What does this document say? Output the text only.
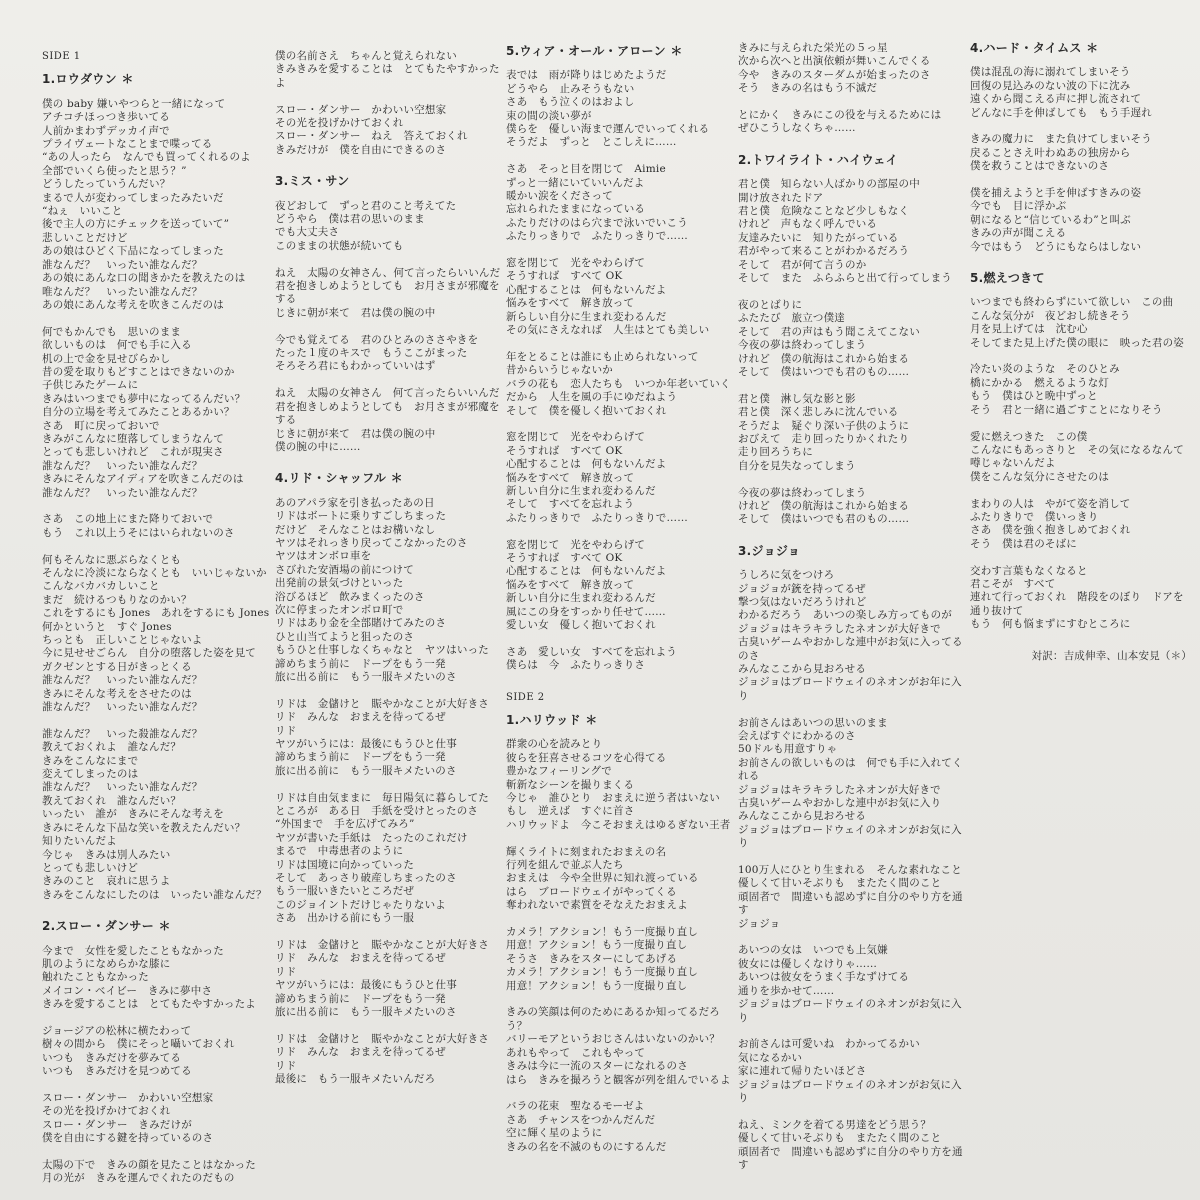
SIDE 1
1.ロウダウン ＊
僕の baby 嫌いやつらと一緒になって
アチコチほっつき歩いてる
人前かまわずデッカイ声で
プライヴェートなことまで喋ってる
“あの人ったら　なんでも買ってくれるのよ
全部でいくら使ったと思う？”
どうしたっていうんだい？
まるで人が変わってしまったみたいだ
“ねぇ　いいこと
後で主人の方にチェックを送っていて”
悲しいことだけど
あの娘はひどく下品になってしまった
誰なんだ？　いったい誰なんだ？
あの娘にあんな口の聞きかたを教えたのは
唯なんだ？　いったい誰なんだ？
あの娘にあんな考えを吹きこんだのは
何でもかんでも　思いのまま
欲しいものは　何でも手に入る
机の上で金を見せびらかし
昔の愛を取りもどすことはできないのか
子供じみたゲームに
きみはいつまでも夢中になってるんだい？
自分の立場を考えてみたことあるかい？
さあ　町に戻っておいで
きみがこんなに堕落してしまうなんて
とっても悲しいけれど　これが現実さ
誰なんだ？　いったい誰なんだ？
きみにそんなアイディアを吹きこんだのは
誰なんだ？　いったい誰なんだ？
さあ　この地上にまた降りておいで
もう　これ以上うそにはいられないのさ
何もそんなに悪ぶらなくとも
そんなに冷淡にならなくとも　いいじゃないか
こんなバカバカしいこと
まだ　続けるつもりなのかい？
これをするにも Jones　あれをするにも Jones
何かというと　すぐ Jones
ちっとも　正しいことじゃないよ
今に見せせごらん　自分の堕落した姿を見て
ガクゼンとする日がきっとくる
誰なんだ？　いったい誰なんだ？
きみにそんな考えをさせたのは
誰なんだ？　いったい誰なんだ？
誰なんだ？　いった殺誰なんだ？
教えておくれよ　誰なんだ？
きみをこんなにまで
変えてしまったのは
誰なんだ？　いったい誰なんだ？
教えておくれ　誰なんだい？
いったい　誰が　きみにそんな考えを
きみにそんな下品な笑いを教えたんだい？
知りたいんだよ
今じゃ　きみは別人みたい
とっても悲しいけど
きみのこと　哀れに思うよ
きみをこんなにしたのは　いったい誰なんだ？
2.スロー・ダンサー ＊
今まで　女性を愛したこともなかった
肌のようになめらかな膝に
触れたこともなかった
メイコン・ベイビー　きみに夢中さ
きみを愛することは　とてもたやすかったよ
ジョージアの松林に横たわって
樹々の間から　僕にそっと囁いておくれ
いつも　きみだけを夢みてる
いつも　きみだけを見つめてる
スロー・ダンサー　かわいい空想家
その光を投げかけておくれ
スロー・ダンサー　きみだけが
僕を自由にする鍵を持っているのさ
太陽の下で　きみの顔を見たことはなかった
月の光が　きみを運んでくれたのだもの
僕の名前さえ　ちゃんと覚えられない
きみきみを愛することは　とてもたやすかったよ
スロー・ダンサー　かわいい空想家
その光を投げかけておくれ
スロー・ダンサー　ねえ　答えておくれ
きみだけが　僕を自由にできるのさ
3.ミス・サン
夜どおして　ずっと君のこと考えてた
どうやら　僕は君の思いのまま
でも大丈夫さ
このままの状態が続いても
ねえ　太陽の女神さん、何て言ったらいいんだ
君を抱きしめようとしても　お月さまが邪魔をする
じきに朝が来て　君は僕の腕の中
今でも覚えてる　君のひとみのささやきを
たった１度のキスで　もうここがまった
そろそろ君にもわかっていいはず
ねえ　太陽の女神さん　何て言ったらいいんだ
君を抱きしめようとしても　お月さまが邪魔をする
じきに朝が来て　君は僕の腕の中
僕の腕の中に……
4.リド・シャッフル ＊
あのアパラ家を引き払ったあの日
リドはボートに乗りすごしちまった
だけど　そんなことはお構いなし
ヤツはそれっきり戻ってこなかったのさ
ヤツはオンボロ車を
さびれた安酒場の前につけて
出発前の景気づけといった
浴びるほど　飲みまくったのさ
次に停まったオンボロ町で
リドはあり金を全部賭けてみたのさ
ひと山当てようと狙ったのさ
もうひと仕事しなくちゃなと　ヤツはいった
諦めちまう前に　ドープをもう一発
旅に出る前に　もう一服キメたいのさ
リドは　金儲けと　賑やかなことが大好きさ
リド　みんな　おまえを待ってるぜ
リド
ヤツがいうには：最後にもうひと仕事
諦めちまう前に　ドープをもう一発
旅に出る前に　もう一服キメたいのさ
リドは自由気ままに　毎日陽気に暮らしてた
ところが　ある日　手紙を受けとったのさ
“外国まで　手を広げてみろ”
ヤツが書いた手紙は　たったのこれだけ
まるで　中毒患者のように
リドは国境に向かっていった
そして　あっさり破産しちまったのさ
もう一服いきたいところだぜ
このジョイントだけじゃたりないよ
さあ　出かける前にもう一服
リドは　金儲けと　賑やかなことが大好きさ
リド　みんな　おまえを待ってるぜ
リド
ヤツがいうには：最後にもうひと仕事
諦めちまう前に　ドープをもう一発
旅に出る前に　もう一服キメたいのさ
リドは　金儲けと　賑やかなことが大好きさ
リド　みんな　おまえを待ってるぜ
リド
最後に　もう一服キメたいんだろ
5.ウィア・オール・アローン ＊
表では　雨が降りはじめたようだ
どうやら　止みそうもない
さあ　もう泣くのはおよし
束の間の淡い夢が
僕らを　優しい海まで運んでいってくれる
そうだよ　ずっと　とこしえに……
さあ　そっと目を閉じて　Aimie
ずっと一緒にいていいんだよ
暖かい涙をくださって
忘れられたままになっている
ふたりだけのはら穴まで泳いでいこう
ふたりっきりで　ふたりっきりで……
窓を閉じて　光をやわらげて
そうすれば　すべて OK
心配することは　何もないんだよ
悩みをすべて　解き放って
新らしい自分に生まれ変わるんだ
その気にさえなれば　人生はとても美しい
年をとることは誰にも止められないって
昔からいうじゃないか
バラの花も　恋人たちも　いつか年老いていく
だから　人生を風の手にゆだねよう
そして　僕を優しく抱いておくれ
窓を閉じて　光をやわらげて
そうすれば　すべて OK
心配することは　何もないんだよ
悩みをすべて　解き放って
新しい自分に生まれ変わるんだ
そして　すべてを忘れよう
ふたりっきりで　ふたりっきりで……
窓を閉じて　光をやわらげて
そうすれば　すべて OK
心配することは　何もないんだよ
悩みをすべて　解き放って
新しい自分に生まれ変わるんだ
風にこの身をすっかり任せて……
愛しい女　優しく抱いておくれ
さあ　愛しい女　すべてを忘れよう
僕らは　今　ふたりっきりさ
SIDE 2
1.ハリウッド ＊
群衆の心を読みとり
彼らを狂喜させるコツを心得てる
豊かなフィーリングで
斬新なシーンを撮りまくる
今じゃ　誰ひとり　おまえに逆う者はいない
もし　逆えば　すぐに首さ
ハリウッドよ　今こそおまえはゆるぎない王者
輝くライトに刻まれたおまえの名
行列を組んで並ぶ人たち
おまえは　今や全世界に知れ渡っている
はら　ブロードウェイがやってくる
奪われないで素質をそなえたおまえよ
カメラ！アクション！もう一度撮り直し
用意！アクション！もう一度撮り直し
そうさ　きみをスターにしてあげる
カメラ！アクション！もう一度撮り直し
用意！アクション！もう一度撮り直し
きみの笑顔は何のためにあるか知ってるだろう？
バリーモアというおじさんはいないのかい？
あれもやって　これもやって
きみは今に一流のスターになれるのさ
はら　きみを撮ろうと観客が列を組んでいるよ
バラの花束　聖なるモーゼよ
さあ　チャンスをつかんだんだ
空に輝く星のように
きみの名を不滅のものにするんだ
きみに与えられた栄光の５っ星
次から次へと出演依頼が舞いこんでくる
今や　きみのスターダムが始まったのさ
そう　きみの名はもう不滅だ
とにかく　きみにこの役を与えるためには
ぜひこうしなくちゃ……
2.トワイライト・ハイウェイ
君と僕　知らない人ばかりの部屋の中
開け放されたドア
君と僕　危険なことなど少しもなく
けれど　声もなく呼んでいる
友達みたいに　知りたがっている
君がやって来ることがわかるだろう
そして　君が何て言うのか
そして　また　ふらふらと出て行ってしまう
夜のとばりに
ふたたび　旅立つ僕達
そして　君の声はもう聞こえてこない
今夜の夢は終わってしまう
けれど　僕の航海はこれから始まる
そして　僕はいつでも君のもの……
君と僕　淋し気な影と影
君と僕　深く悲しみに沈んでいる
そうだよ　疑ぐり深い子供のように
おびえて　走り回ったりかくれたり
走り回ろうちに
自分を見失なってしまう
今夜の夢は終わってしまう
けれど　僕の航海はこれから始まる
そして　僕はいつでも君のもの……
3.ジョジョ
うしろに気をつけろ
ジョジョが銃を持ってるぜ
撃つ気はないだろうけれど
わかるだろう　あいつの楽しみ方ってものが
ジョジョはキラキラしたネオンが大好きで
古臭いゲームやおかしな連中がお気に入ってるのさ
みんなここから見おろせる
ジョジョはブロードウェイのネオンがお年に入り
お前さんはあいつの思いのまま
会えばすぐにわかるのさ
50ドルも用意すりゃ
お前さんの欲しいものは　何でも手に入れてくれる
ジョジョはキラキラしたネオンが大好きで
古臭いゲームやおかしな連中がお気に入り
みんなここから見おろせる
ジョジョはブロードウェイのネオンがお気に入り
100万人にひとり生まれる　そんな素れなこと
優しくて甘いそぶりも　またたく間のこと
頑固者で　間違いも認めずに自分のやり方を通す
ジョジョ
あいつの女は　いつでも上気嫌
彼女には優しくなけりゃ……
あいつは彼女をうまく手なずけてる
通りを歩かせて……
ジョジョはブロードウェイのネオンがお気に入り
お前さんは可愛いね　わかってるかい
気になるかい
家に連れて帰りたいほどさ
ジョジョはブロードウェイのネオンがお気に入り
ねえ、ミンクを着てる男達をどう思う？
優しくて甘いそぶりも　またたく間のこと
頑固者で　間違いも認めずに自分のやり方を通す
4.ハード・タイムス ＊
僕は混乱の海に溺れてしまいそう
回復の見込みのない波の下に沈み
遠くから聞こえる声に押し流されて
どんなに手を伸ばしても　もう手遅れ
きみの魔力に　また負けてしまいそう
戻ることさえ叶わぬあの独房から
僕を救うことはできないのさ
僕を捕えようと手を伸ばすきみの姿
今でも　目に浮かぶ
朝になると“信じているわ”と叫ぶ
きみの声が聞こえる
今ではもう　どうにもならはしない
5.燃えつきて
いつまでも終わらずにいて欲しい　この曲
こんな気分が　夜どおし続きそう
月を見上げては　沈む心
そしてまた見上げた僕の眼に　映った君の姿
冷たい炎のような　そのひとみ
橋にかかる　燃えるような灯
もう　僕はひと晩中ずっと
そう　君と一緒に過ごすことになりそう
愛に燃えつきた　この僕
こんなにもあっさりと　その気になるなんて
噂じゃないんだよ
僕をこんな気分にさせたのは
まわりの人は　やがて姿を消して
ふたりきりで　僕いっきり
さあ　僕を強く抱きしめておくれ
そう　僕は君のそばに
交わす言葉もなくなると
君こそが　すべて
連れて行っておくれ　階段をのぼり　ドアを通り抜けて
もう　何も悩まずにすむところに
対訳：吉成伸幸、山本安見（＊）
